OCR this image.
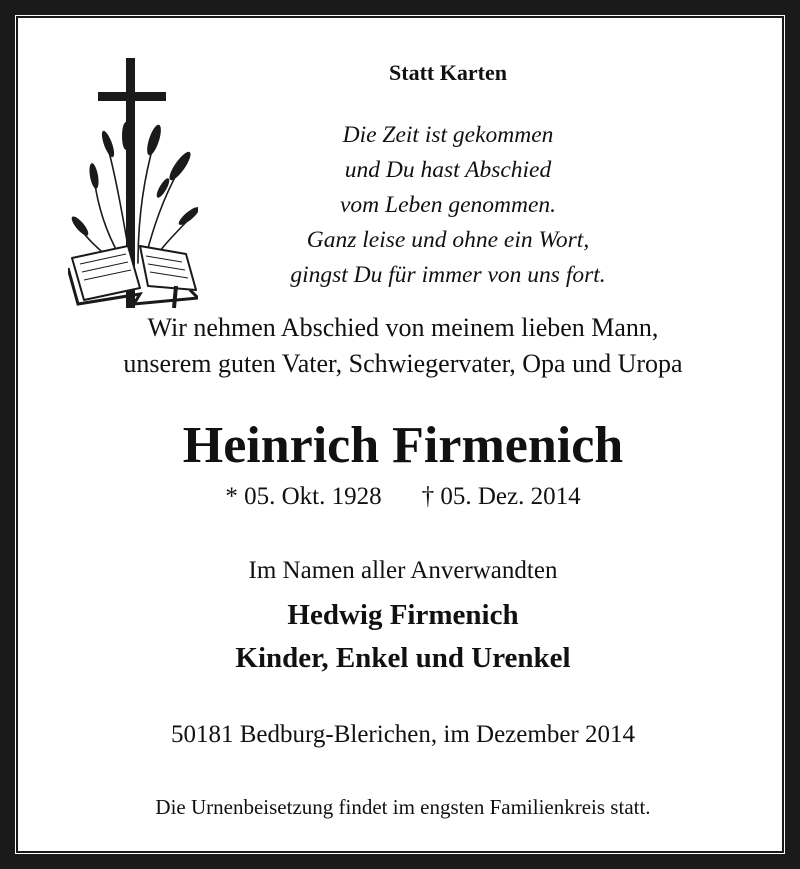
Statt Karten
Die Zeit ist gekommen
und Du hast Abschied
vom Leben genommen.
Ganz leise und ohne ein Wort,
gingst Du für immer von uns fort.
Wir nehmen Abschied von meinem lieben Mann,
unserem guten Vater, Schwiegervater, Opa und Uropa
Heinrich Firmenich
* 05. Okt. 1928 † 05. Dez. 2014
Im Namen aller Anverwandten
Hedwig Firmenich
Kinder, Enkel und Urenkel
50181 Bedburg-Blerichen, im Dezember 2014
Die Urnenbeisetzung findet im engsten Familienkreis statt.
